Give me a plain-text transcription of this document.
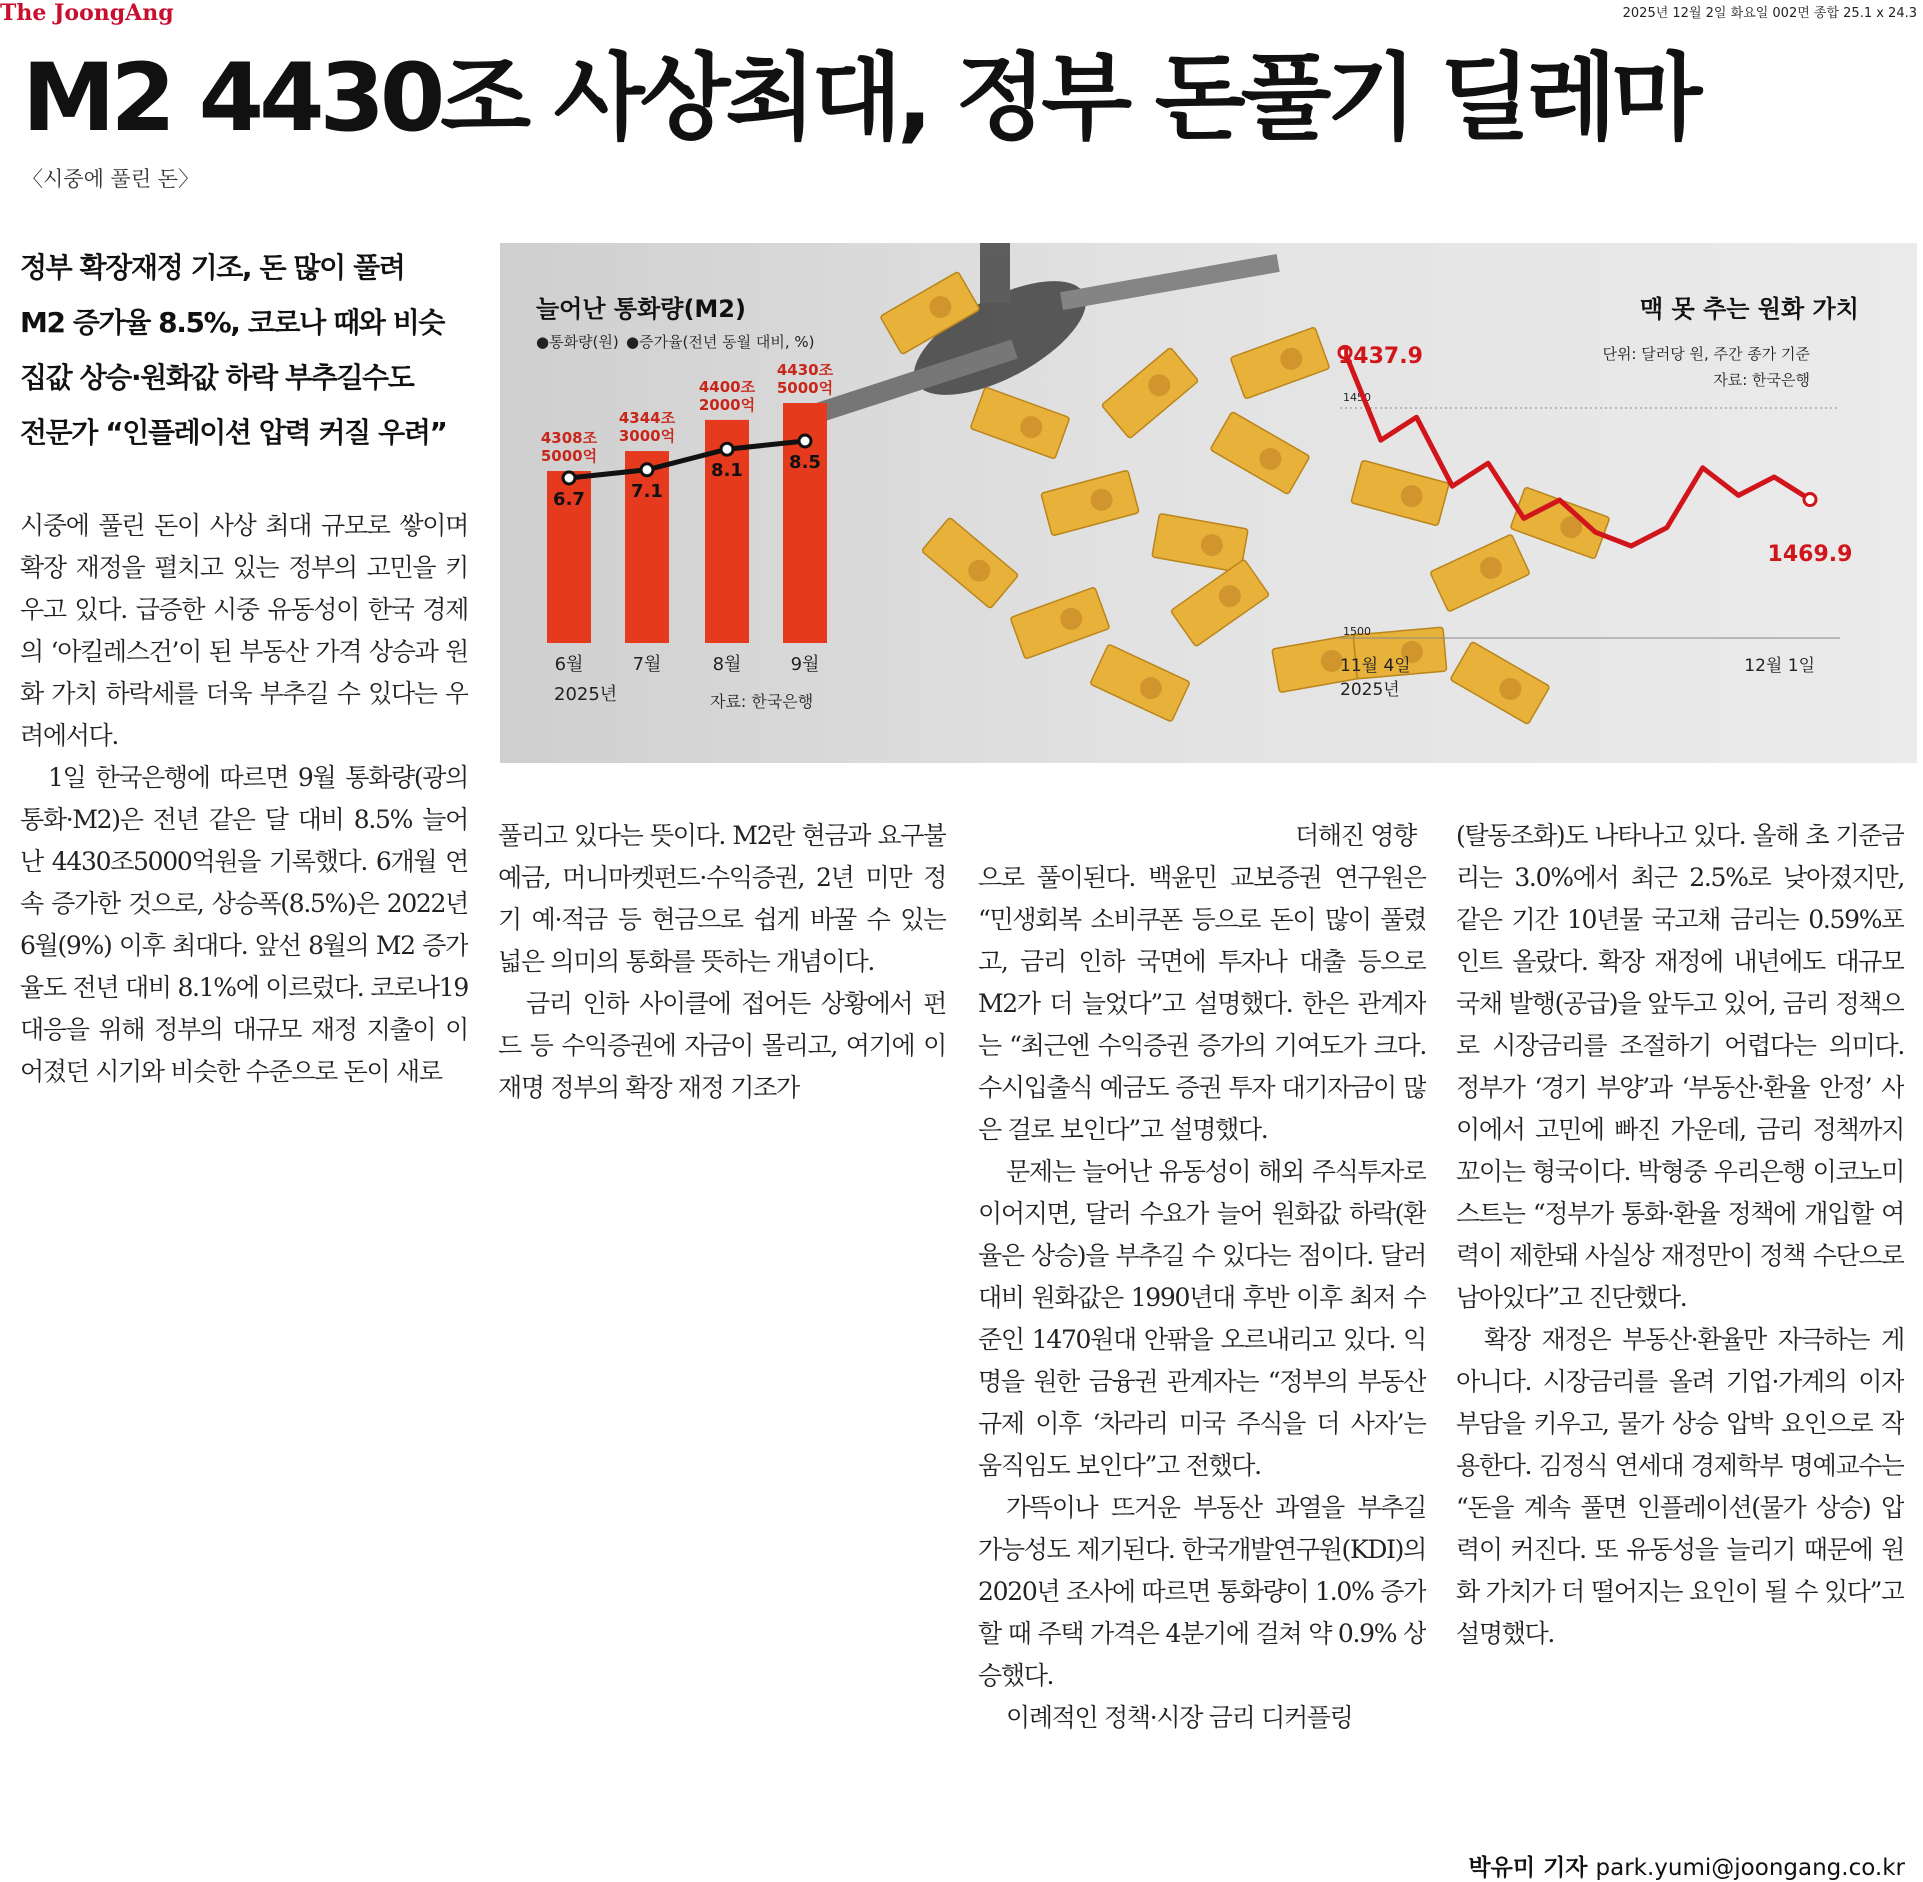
The JoongAng	2025년 12월 2일 화요일 002면 종합 25.1 x 24.3
M2 4430조 사상최대, 정부 돈풀기 딜레마
〈시중에 풀린 돈〉
정부 확장재정 기조, 돈 많이 풀려
M2 증가율 8.5%, 코로나 때와 비슷
집값 상승·원화값 하락 부추길수도
전문가 “인플레이션 압력 커질 우려”
늘어난 통화량(M2)
●통화량(원) ●증가율(전년 동월 대비, %)
4308조
5000억
6월
4344조
3000억
7월
4400조
2000억
8월
4430조
5000억
9월
6.7	7.1
8.1	8.5
2025년	자료: 한국은행
맥 못 추는 원화 가치
단위: 달러당 원, 주간 종가 기준
자료: 한국은행
1450
1500
1437.9
1469.9
11월 4일
2025년
12월 1일

시중에 풀린 돈이 사상 최대 규모로 쌓이며 확장 재정을 펼치고 있는 정부의 고민을 키우고 있다. 급증한 시중 유동성이 한국 경제의 ‘아킬레스건’이 된 부동산 가격 상승과 원화 가치 하락세를 더욱 부추길 수 있다는 우려에서다.

1일 한국은행에 따르면 9월 통화량(광의통화·M2)은 전년 같은 달 대비 8.5% 늘어난 4430조5000억원을 기록했다. 6개월 연속 증가한 것으로, 상승폭(8.5%)은 2022년 6월(9%) 이후 최대다. 앞선 8월의 M2 증가율도 전년 대비 8.1%에 이르렀다. 코로나19 대응을 위해 정부의 대규모 재정 지출이 이어졌던 시기와 비슷한 수준으로 돈이 새로

풀리고 있다는 뜻이다. M2란 현금과 요구불예금, 머니마켓펀드·수익증권, 2년 미만 정기 예·적금 등 현금으로 쉽게 바꿀 수 있는 넓은 의미의 통화를 뜻하는 개념이다.

금리 인하 사이클에 접어든 상황에서 펀드 등 수익증권에 자금이 몰리고, 여기에 이재명 정부의 확장 재정 기조가

더해진 영향

으로 풀이된다. 백윤민 교보증권 연구원은 “민생회복 소비쿠폰 등으로 돈이 많이 풀렸고, 금리 인하 국면에 투자나 대출 등으로 M2가 더 늘었다”고 설명했다. 한은 관계자는 “최근엔 수익증권 증가의 기여도가 크다. 수시입출식 예금도 증권 투자 대기자금이 많은 걸로 보인다”고 설명했다.

문제는 늘어난 유동성이 해외 주식투자로 이어지면, 달러 수요가 늘어 원화값 하락(환율은 상승)을 부추길 수 있다는 점이다. 달러 대비 원화값은 1990년대 후반 이후 최저 수준인 1470원대 안팎을 오르내리고 있다. 익명을 원한 금융권 관계자는 “정부의 부동산 규제 이후 ‘차라리 미국 주식을 더 사자’는 움직임도 보인다”고 전했다.

가뜩이나 뜨거운 부동산 과열을 부추길 가능성도 제기된다. 한국개발연구원(KDI)의 2020년 조사에 따르면 통화량이 1.0% 증가할 때 주택 가격은 4분기에 걸쳐 약 0.9% 상승했다.

이례적인 정책·시장 금리 디커플링

(탈동조화)도 나타나고 있다. 올해 초 기준금리는 3.0%에서 최근 2.5%로 낮아졌지만, 같은 기간 10년물 국고채 금리는 0.59%포인트 올랐다. 확장 재정에 내년에도 대규모 국채 발행(공급)을 앞두고 있어, 금리 정책으로 시장금리를 조절하기 어렵다는 의미다. 정부가 ‘경기 부양’과 ‘부동산·환율 안정’ 사이에서 고민에 빠진 가운데, 금리 정책까지 꼬이는 형국이다. 박형중 우리은행 이코노미스트는 “정부가 통화·환율 정책에 개입할 여력이 제한돼 사실상 재정만이 정책 수단으로 남아있다”고 진단했다.

확장 재정은 부동산·환율만 자극하는 게 아니다. 시장금리를 올려 기업·가계의 이자 부담을 키우고, 물가 상승 압박 요인으로 작용한다. 김정식 연세대 경제학부 명예교수는 “돈을 계속 풀면 인플레이션(물가 상승) 압력이 커진다. 또 유동성을 늘리기 때문에 원화 가치가 더 떨어지는 요인이 될 수 있다”고 설명했다.

박유미 기자 park.yumi@joongang.co.kr
